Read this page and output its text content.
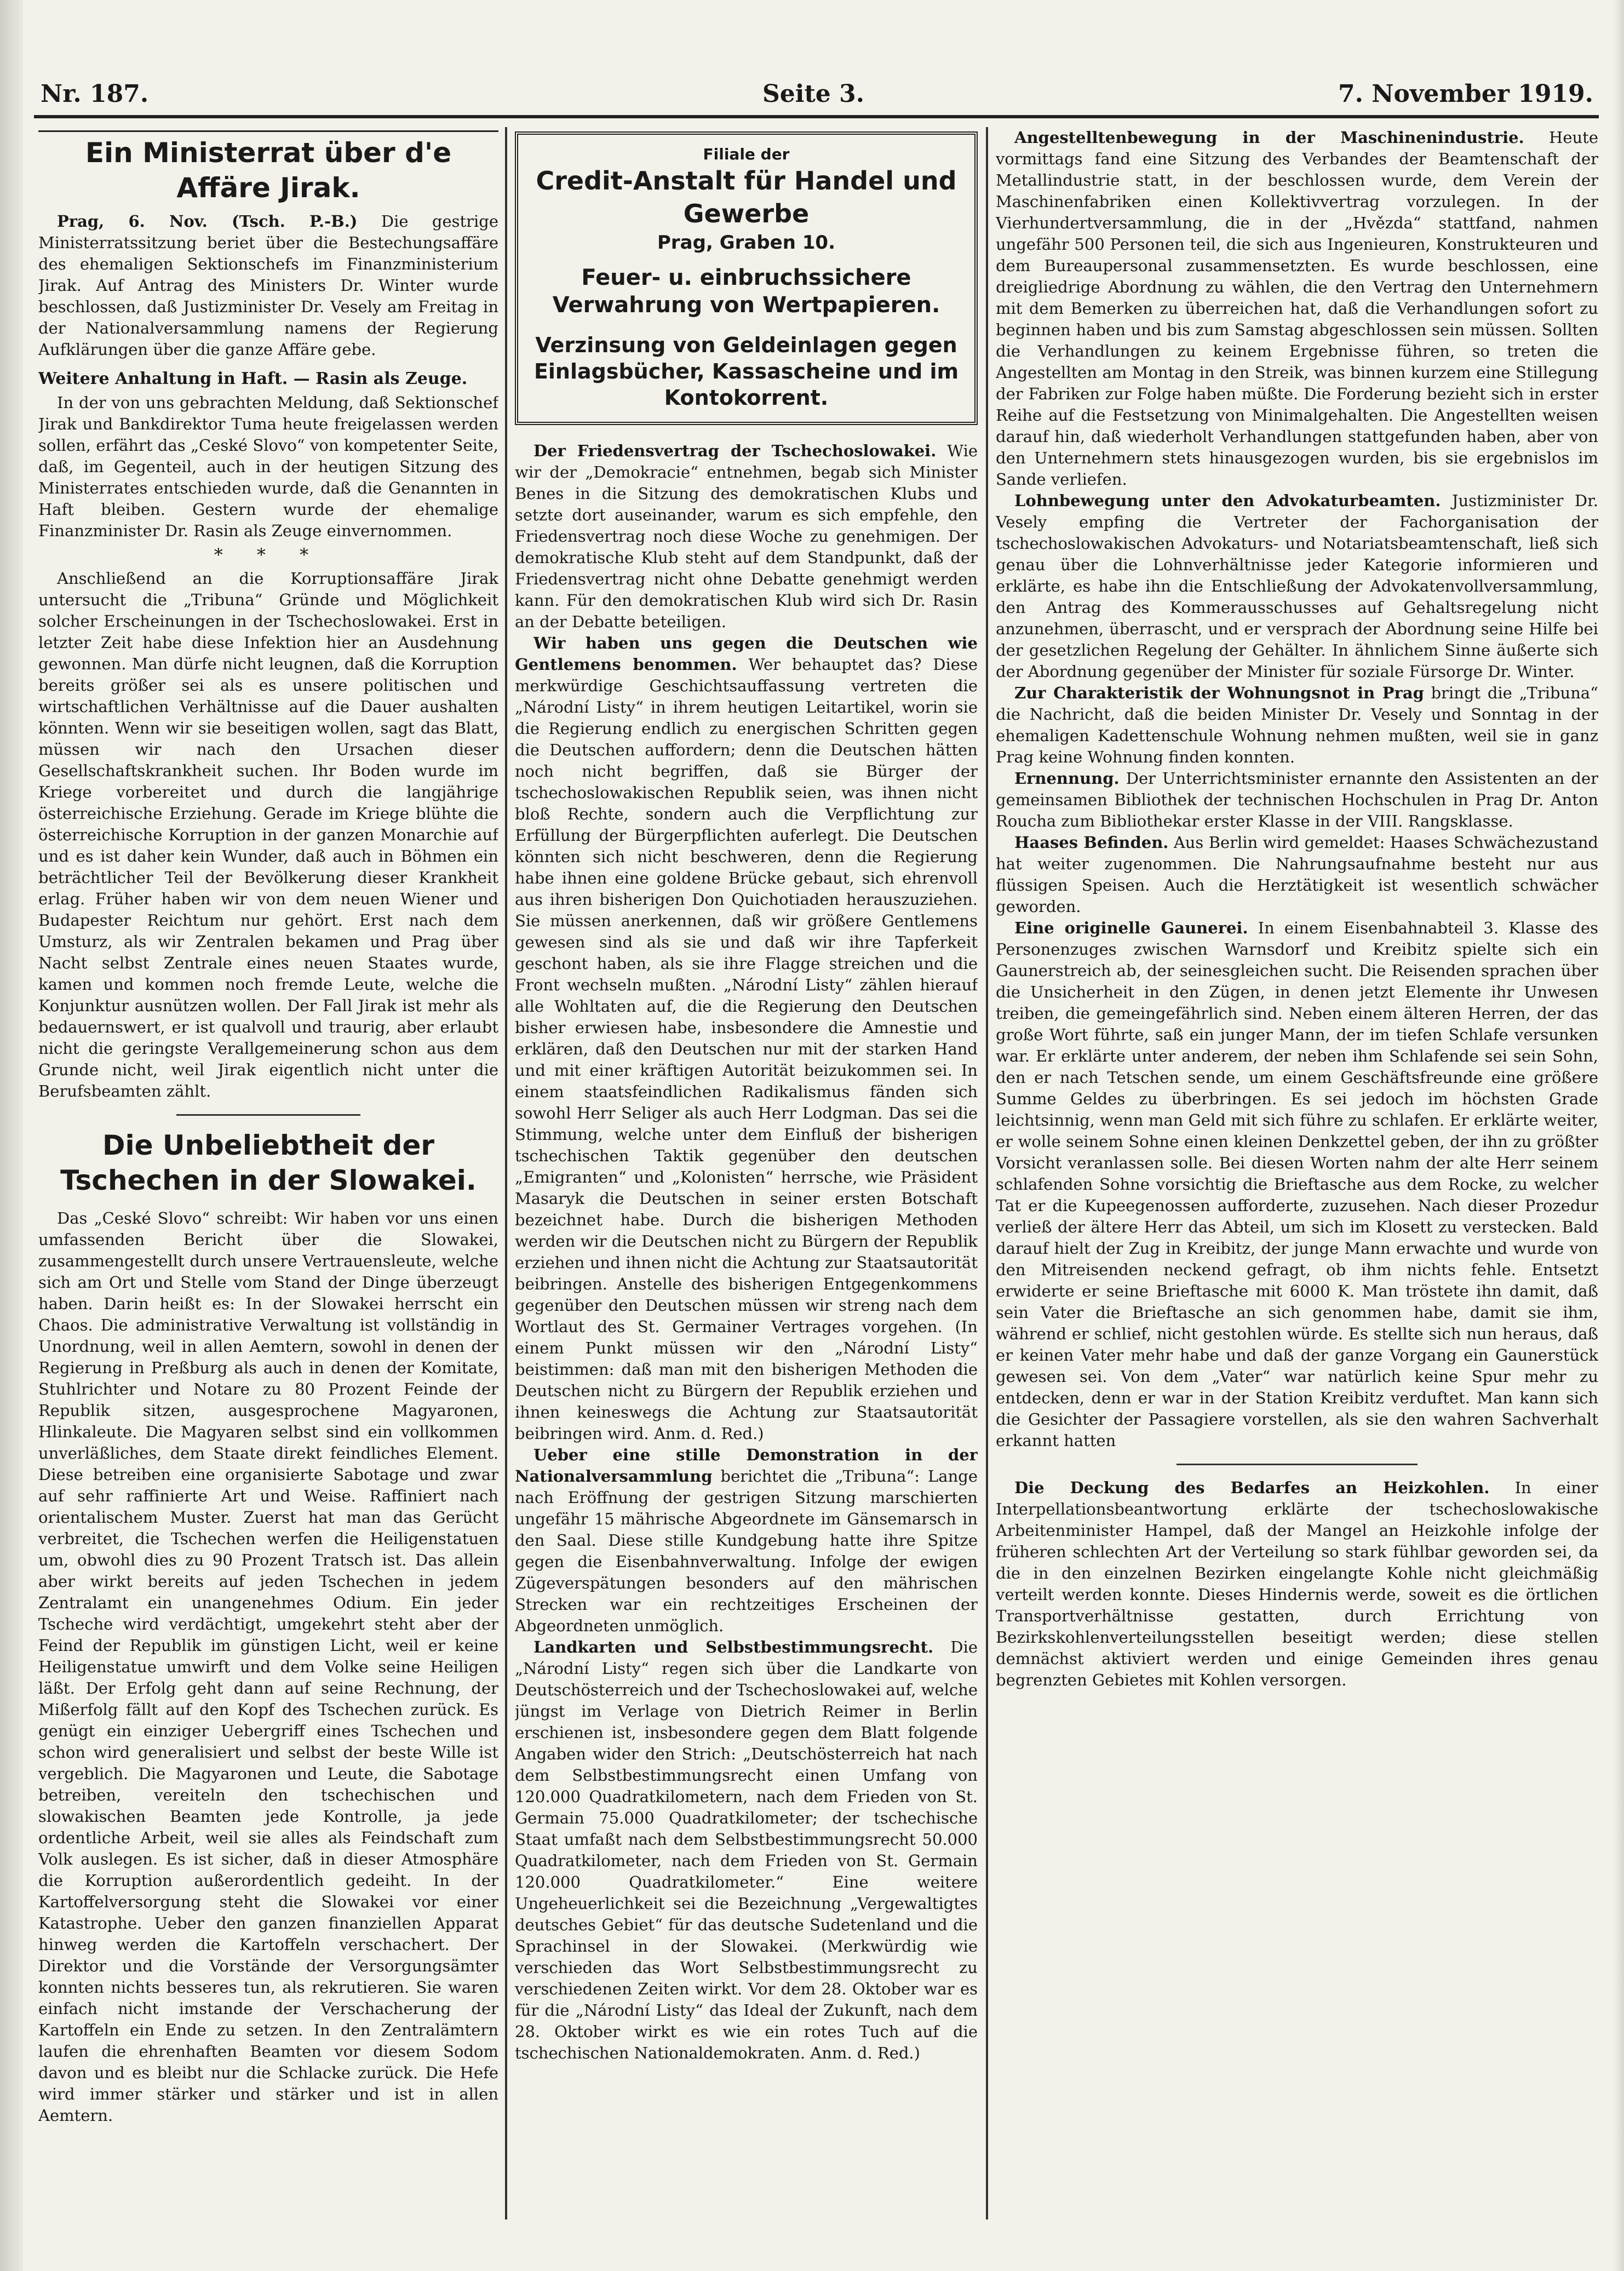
Nr. 187.	Seite 3.	7. November 1919.
Ein Ministerrat über d'e Affäre Jirak.

Prag, 6. Nov. (Tsch. P.-B.) Die gestrige Ministerratssitzung beriet über die Bestechungsaffäre des ehemaligen Sektionschefs im Finanzministerium Jirak. Auf Antrag des Ministers Dr. Winter wurde beschlossen, daß Justizminister Dr. Vesely am Freitag in der Nationalversammlung namens der Regierung Aufklärungen über die ganze Affäre gebe.

Weitere Anhaltung in Haft. — Rasin als Zeuge.

In der von uns gebrachten Meldung, daß Sektionschef Jirak und Bankdirektor Tuma heute freigelassen werden sollen, erfährt das „Ceské Slovo“ von kompetenter Seite, daß, im Gegenteil, auch in der heutigen Sitzung des Ministerrates entschieden wurde, daß die Genannten in Haft bleiben. Gestern wurde der ehemalige Finanzminister Dr. Rasin als Zeuge einvernommen.

* * *

Anschließend an die Korruptionsaffäre Jirak untersucht die „Tribuna“ Gründe und Möglichkeit solcher Erscheinungen in der Tschechoslowakei. Erst in letzter Zeit habe diese Infektion hier an Ausdehnung gewonnen. Man dürfe nicht leugnen, daß die Korruption bereits größer sei als es unsere politischen und wirtschaftlichen Verhältnisse auf die Dauer aushalten könnten. Wenn wir sie beseitigen wollen, sagt das Blatt, müssen wir nach den Ursachen dieser Gesellschaftskrankheit suchen. Ihr Boden wurde im Kriege vorbereitet und durch die langjährige österreichische Erziehung. Gerade im Kriege blühte die österreichische Korruption in der ganzen Monarchie auf und es ist daher kein Wunder, daß auch in Böhmen ein beträchtlicher Teil der Bevölkerung dieser Krankheit erlag. Früher haben wir von dem neuen Wiener und Budapester Reichtum nur gehört. Erst nach dem Umsturz, als wir Zentralen bekamen und Prag über Nacht selbst Zentrale eines neuen Staates wurde, kamen und kommen noch fremde Leute, welche die Konjunktur ausnützen wollen. Der Fall Jirak ist mehr als bedauernswert, er ist qualvoll und traurig, aber erlaubt nicht die geringste Verallgemeinerung schon aus dem Grunde nicht, weil Jirak eigentlich nicht unter die Berufsbeamten zählt.

Die Unbeliebtheit der Tschechen in der Slowakei.

Das „Ceské Slovo“ schreibt: Wir haben vor uns einen umfassenden Bericht über die Slowakei, zusammengestellt durch unsere Vertrauensleute, welche sich am Ort und Stelle vom Stand der Dinge überzeugt haben. Darin heißt es: In der Slowakei herrscht ein Chaos. Die administrative Verwaltung ist vollständig in Unordnung, weil in allen Aemtern, sowohl in denen der Regierung in Preßburg als auch in denen der Komitate, Stuhlrichter und Notare zu 80 Prozent Feinde der Republik sitzen, ausgesprochene Magyaronen, Hlinkaleute. Die Magyaren selbst sind ein vollkommen unverläßliches, dem Staate direkt feindliches Element. Diese betreiben eine organisierte Sabotage und zwar auf sehr raffinierte Art und Weise. Raffiniert nach orientalischem Muster. Zuerst hat man das Gerücht verbreitet, die Tschechen werfen die Heiligenstatuen um, obwohl dies zu 90 Prozent Tratsch ist. Das allein aber wirkt bereits auf jeden Tschechen in jedem Zentralamt ein unangenehmes Odium. Ein jeder Tscheche wird verdächtigt, umgekehrt steht aber der Feind der Republik im günstigen Licht, weil er keine Heiligenstatue umwirft und dem Volke seine Heiligen läßt. Der Erfolg geht dann auf seine Rechnung, der Mißerfolg fällt auf den Kopf des Tschechen zurück. Es genügt ein einziger Uebergriff eines Tschechen und schon wird generalisiert und selbst der beste Wille ist vergeblich. Die Magyaronen und Leute, die Sabotage betreiben, vereiteln den tschechischen und slowakischen Beamten jede Kontrolle, ja jede ordentliche Arbeit, weil sie alles als Feindschaft zum Volk auslegen. Es ist sicher, daß in dieser Atmosphäre die Korruption außerordentlich gedeiht. In der Kartoffelversorgung steht die Slowakei vor einer Katastrophe. Ueber den ganzen finanziellen Apparat hinweg werden die Kartoffeln verschachert. Der Direktor und die Vorstände der Versorgungsämter konnten nichts besseres tun, als rekrutieren. Sie waren einfach nicht imstande der Verschacherung der Kartoffeln ein Ende zu setzen. In den Zentralämtern laufen die ehrenhaften Beamten vor diesem Sodom davon und es bleibt nur die Schlacke zurück. Die Hefe wird immer stärker und stärker und ist in allen Aemtern.

Filiale der
Credit-Anstalt für Handel und Gewerbe
Prag, Graben 10.
Feuer- u. einbruchssichere Verwahrung von Wertpapieren.
Verzinsung von Geldeinlagen gegen Einlagsbücher, Kassascheine und im Kontokorrent.

Der Friedensvertrag der Tschechoslowakei. Wie wir der „Demokracie“ entnehmen, begab sich Minister Benes in die Sitzung des demokratischen Klubs und setzte dort auseinander, warum es sich empfehle, den Friedensvertrag noch diese Woche zu genehmigen. Der demokratische Klub steht auf dem Standpunkt, daß der Friedensvertrag nicht ohne Debatte genehmigt werden kann. Für den demokratischen Klub wird sich Dr. Rasin an der Debatte beteiligen.

Wir haben uns gegen die Deutschen wie Gentlemens benommen. Wer behauptet das? Diese merkwürdige Geschichtsauffassung vertreten die „Národní Listy“ in ihrem heutigen Leitartikel, worin sie die Regierung endlich zu energischen Schritten gegen die Deutschen auffordern; denn die Deutschen hätten noch nicht begriffen, daß sie Bürger der tschechoslowakischen Republik seien, was ihnen nicht bloß Rechte, sondern auch die Verpflichtung zur Erfüllung der Bürgerpflichten auferlegt. Die Deutschen könnten sich nicht beschweren, denn die Regierung habe ihnen eine goldene Brücke gebaut, sich ehrenvoll aus ihren bisherigen Don Quichotiaden herauszuziehen. Sie müssen anerkennen, daß wir größere Gentlemens gewesen sind als sie und daß wir ihre Tapferkeit geschont haben, als sie ihre Flagge streichen und die Front wechseln mußten. „Národní Listy“ zählen hierauf alle Wohltaten auf, die die Regierung den Deutschen bisher erwiesen habe, insbesondere die Amnestie und erklären, daß den Deutschen nur mit der starken Hand und mit einer kräftigen Autorität beizukommen sei. In einem staatsfeindlichen Radikalismus fänden sich sowohl Herr Seliger als auch Herr Lodgman. Das sei die Stimmung, welche unter dem Einfluß der bisherigen tschechischen Taktik gegenüber den deutschen „Emigranten“ und „Kolonisten“ herrsche, wie Präsident Masaryk die Deutschen in seiner ersten Botschaft bezeichnet habe. Durch die bisherigen Methoden werden wir die Deutschen nicht zu Bürgern der Republik erziehen und ihnen nicht die Achtung zur Staatsautorität beibringen. Anstelle des bisherigen Entgegenkommens gegenüber den Deutschen müssen wir streng nach dem Wortlaut des St. Germainer Vertrages vorgehen. (In einem Punkt müssen wir den „Národní Listy“ beistimmen: daß man mit den bisherigen Methoden die Deutschen nicht zu Bürgern der Republik erziehen und ihnen keineswegs die Achtung zur Staatsautorität beibringen wird. Anm. d. Red.)

Ueber eine stille Demonstration in der Nationalversammlung berichtet die „Tribuna“: Lange nach Eröffnung der gestrigen Sitzung marschierten ungefähr 15 mährische Abgeordnete im Gänsemarsch in den Saal. Diese stille Kundgebung hatte ihre Spitze gegen die Eisenbahnverwaltung. Infolge der ewigen Zügeverspätungen besonders auf den mährischen Strecken war ein rechtzeitiges Erscheinen der Abgeordneten unmöglich.

Landkarten und Selbstbestimmungsrecht. Die „Národní Listy“ regen sich über die Landkarte von Deutschösterreich und der Tschechoslowakei auf, welche jüngst im Verlage von Dietrich Reimer in Berlin erschienen ist, insbesondere gegen dem Blatt folgende Angaben wider den Strich: „Deutschösterreich hat nach dem Selbstbestimmungsrecht einen Umfang von 120.000 Quadratkilometern, nach dem Frieden von St. Germain 75.000 Quadratkilometer; der tschechische Staat umfaßt nach dem Selbstbestimmungsrecht 50.000 Quadratkilometer, nach dem Frieden von St. Germain 120.000 Quadratkilometer.“ Eine weitere Ungeheuerlichkeit sei die Bezeichnung „Vergewaltigtes deutsches Gebiet“ für das deutsche Sudetenland und die Sprachinsel in der Slowakei. (Merkwürdig wie verschieden das Wort Selbstbestimmungsrecht zu verschiedenen Zeiten wirkt. Vor dem 28. Oktober war es für die „Národní Listy“ das Ideal der Zukunft, nach dem 28. Oktober wirkt es wie ein rotes Tuch auf die tschechischen Nationaldemokraten. Anm. d. Red.)

Angestelltenbewegung in der Maschinenindustrie. Heute vormittags fand eine Sitzung des Verbandes der Beamtenschaft der Metallindustrie statt, in der beschlossen wurde, dem Verein der Maschinenfabriken einen Kollektivvertrag vorzulegen. In der Vierhundertversammlung, die in der „Hvězda“ stattfand, nahmen ungefähr 500 Personen teil, die sich aus Ingenieuren, Konstrukteuren und dem Bureaupersonal zusammensetzten. Es wurde beschlossen, eine dreigliedrige Abordnung zu wählen, die den Vertrag den Unternehmern mit dem Bemerken zu überreichen hat, daß die Verhandlungen sofort zu beginnen haben und bis zum Samstag abgeschlossen sein müssen. Sollten die Verhandlungen zu keinem Ergebnisse führen, so treten die Angestellten am Montag in den Streik, was binnen kurzem eine Stillegung der Fabriken zur Folge haben müßte. Die Forderung bezieht sich in erster Reihe auf die Festsetzung von Minimalgehalten. Die Angestellten weisen darauf hin, daß wiederholt Verhandlungen stattgefunden haben, aber von den Unternehmern stets hinausgezogen wurden, bis sie ergebnislos im Sande verliefen.

Lohnbewegung unter den Advokaturbeamten. Justizminister Dr. Vesely empfing die Vertreter der Fachorganisation der tschechoslowakischen Advokaturs- und Notariatsbeamtenschaft, ließ sich genau über die Lohnverhältnisse jeder Kategorie informieren und erklärte, es habe ihn die Entschließung der Advokatenvollversammlung, den Antrag des Kommerausschusses auf Gehaltsregelung nicht anzunehmen, überrascht, und er versprach der Abordnung seine Hilfe bei der gesetzlichen Regelung der Gehälter. In ähnlichem Sinne äußerte sich der Abordnung gegenüber der Minister für soziale Fürsorge Dr. Winter.

Zur Charakteristik der Wohnungsnot in Prag bringt die „Tribuna“ die Nachricht, daß die beiden Minister Dr. Vesely und Sonntag in der ehemaligen Kadettenschule Wohnung nehmen mußten, weil sie in ganz Prag keine Wohnung finden konnten.

Ernennung. Der Unterrichtsminister ernannte den Assistenten an der gemeinsamen Bibliothek der technischen Hochschulen in Prag Dr. Anton Roucha zum Bibliothekar erster Klasse in der VIII. Rangsklasse.

Haases Befinden. Aus Berlin wird gemeldet: Haases Schwächezustand hat weiter zugenommen. Die Nahrungsaufnahme besteht nur aus flüssigen Speisen. Auch die Herztätigkeit ist wesentlich schwächer geworden.

Eine originelle Gaunerei. In einem Eisenbahnabteil 3. Klasse des Personenzuges zwischen Warnsdorf und Kreibitz spielte sich ein Gaunerstreich ab, der seinesgleichen sucht. Die Reisenden sprachen über die Unsicherheit in den Zügen, in denen jetzt Elemente ihr Unwesen treiben, die gemeingefährlich sind. Neben einem älteren Herren, der das große Wort führte, saß ein junger Mann, der im tiefen Schlafe versunken war. Er erklärte unter anderem, der neben ihm Schlafende sei sein Sohn, den er nach Tetschen sende, um einem Geschäftsfreunde eine größere Summe Geldes zu überbringen. Es sei jedoch im höchsten Grade leichtsinnig, wenn man Geld mit sich führe zu schlafen. Er erklärte weiter, er wolle seinem Sohne einen kleinen Denkzettel geben, der ihn zu größter Vorsicht veranlassen solle. Bei diesen Worten nahm der alte Herr seinem schlafenden Sohne vorsichtig die Brieftasche aus dem Rocke, zu welcher Tat er die Kupeegenossen aufforderte, zuzusehen. Nach dieser Prozedur verließ der ältere Herr das Abteil, um sich im Klosett zu verstecken. Bald darauf hielt der Zug in Kreibitz, der junge Mann erwachte und wurde von den Mitreisenden neckend gefragt, ob ihm nichts fehle. Entsetzt erwiderte er seine Brieftasche mit 6000 K. Man tröstete ihn damit, daß sein Vater die Brieftasche an sich genommen habe, damit sie ihm, während er schlief, nicht gestohlen würde. Es stellte sich nun heraus, daß er keinen Vater mehr habe und daß der ganze Vorgang ein Gaunerstück gewesen sei. Von dem „Vater“ war natürlich keine Spur mehr zu entdecken, denn er war in der Station Kreibitz verduftet. Man kann sich die Gesichter der Passagiere vorstellen, als sie den wahren Sachverhalt erkannt hatten

Die Deckung des Bedarfes an Heizkohlen. In einer Interpellationsbeantwortung erklärte der tschechoslowakische Arbeitenminister Hampel, daß der Mangel an Heizkohle infolge der früheren schlechten Art der Verteilung so stark fühlbar geworden sei, da die in den einzelnen Bezirken eingelangte Kohle nicht gleichmäßig verteilt werden konnte. Dieses Hindernis werde, soweit es die örtlichen Transportverhältnisse gestatten, durch Errichtung von Bezirkskohlenverteilungsstellen beseitigt werden; diese stellen demnächst aktiviert werden und einige Gemeinden ihres genau begrenzten Gebietes mit Kohlen versorgen.
